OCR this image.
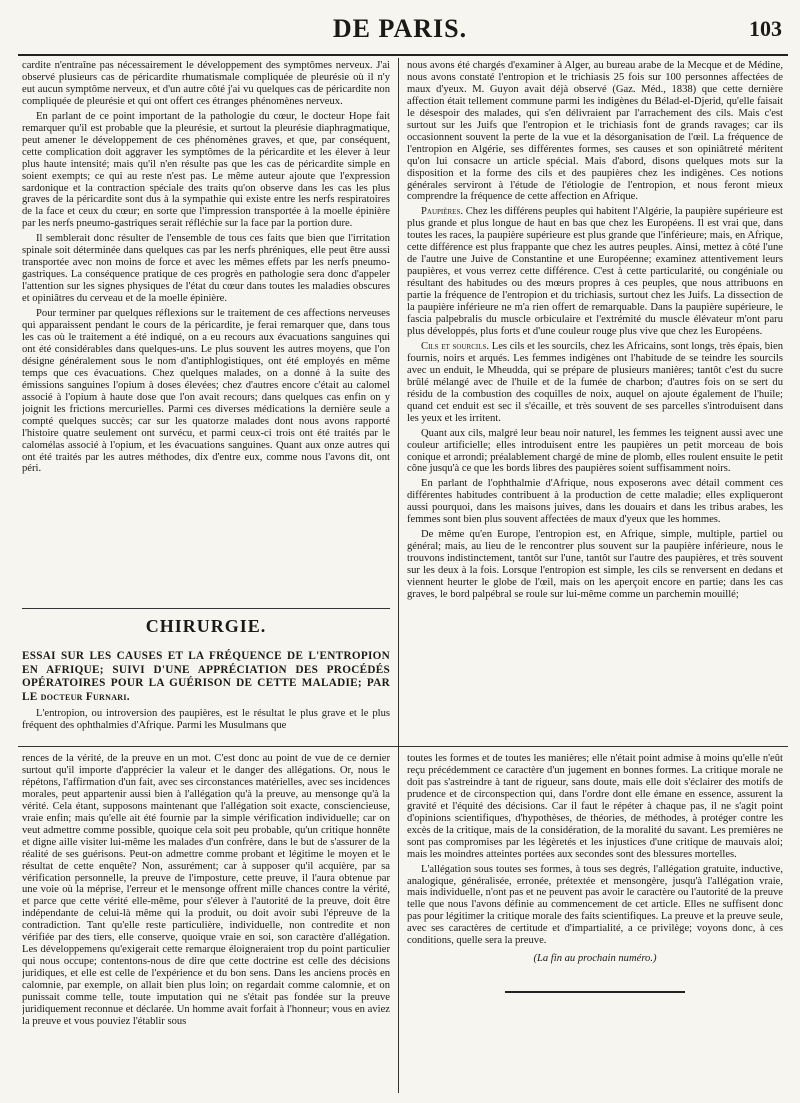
DE PARIS.	103

cardite n'entraîne pas nécessairement le développement des symptômes nerveux. J'ai observé plusieurs cas de péricardite rhumatismale compliquée de pleurésie où il n'y eut aucun symptôme nerveux, et d'un autre côté j'ai vu quelques cas de péricardite non compliquée de pleurésie et qui ont offert ces étranges phénomènes nerveux.

En parlant de ce point important de la pathologie du cœur, le docteur Hope fait remarquer qu'il est probable que la pleurésie, et surtout la pleurésie diaphragmatique, peut amener le développement de ces phénomènes graves, et que, par conséquent, cette complication doit aggraver les symptômes de la péricardite et les élever à leur plus haute intensité; mais qu'il n'en résulte pas que les cas de péricardite simple en soient exempts; ce qui au reste n'est pas. Le même auteur ajoute que l'expression sardonique et la contraction spéciale des traits qu'on observe dans les cas les plus graves de la péricardite sont dus à la sympathie qui existe entre les nerfs respiratoires de la face et ceux du cœur; en sorte que l'impression transportée à la moelle épinière par les nerfs pneumo-gastriques serait réfléchie sur la face par la portion dure.

Il semblerait donc résulter de l'ensemble de tous ces faits que bien que l'irritation spinale soit déterminée dans quelques cas par les nerfs phréniques, elle peut être aussi transportée avec non moins de force et avec les mêmes effets par les nerfs pneumo-gastriques. La conséquence pratique de ces progrès en pathologie sera donc d'appeler l'attention sur les signes physiques de l'état du cœur dans toutes les maladies obscures et opiniâtres du cerveau et de la moelle épinière.

Pour terminer par quelques réflexions sur le traitement de ces affections nerveuses qui apparaissent pendant le cours de la péricardite, je ferai remarquer que, dans tous les cas où le traitement a été indiqué, on a eu recours aux évacuations sanguines qui ont été considérables dans quelques-uns. Le plus souvent les autres moyens, que l'on désigne généralement sous le nom d'antiphlogistiques, ont été employés en même temps que ces évacuations. Chez quelques malades, on a donné à la suite des émissions sanguines l'opium à doses élevées; chez d'autres encore c'était au calomel associé à l'opium à haute dose que l'on avait recours; dans quelques cas enfin on y joignit les frictions mercurielles. Parmi ces diverses médications la dernière seule a compté quelques succès; car sur les quatorze malades dont nous avons rapporté l'histoire quatre seulement ont survécu, et parmi ceux-ci trois ont été traités par le calomélas associé à l'opium, et les évacuations sanguines. Quant aux onze autres qui ont été traités par les autres méthodes, dix d'entre eux, comme nous l'avons dit, ont péri.

CHIRURGIE.
ESSAI SUR LES CAUSES ET LA FRÉQUENCE DE L'ENTROPION EN AFRIQUE; SUIVI D'UNE APPRÉCIATION DES PROCÉDÉS OPÉRATOIRES POUR LA GUÉRISON DE CETTE MALADIE; PAR LE docteur Furnari.

L'entropion, ou introversion des paupières, est le résultat le plus grave et le plus fréquent des ophthalmies d'Afrique. Parmi les Musulmans que

nous avons été chargés d'examiner à Alger, au bureau arabe de la Mecque et de Médine, nous avons constaté l'entropion et le trichiasis 25 fois sur 100 personnes affectées de maux d'yeux. M. Guyon avait déjà observé (Gaz. Méd., 1838) que cette dernière affection était tellement commune parmi les indigènes du Bélad-el-Djerid, qu'elle faisait le désespoir des malades, qui s'en délivraient par l'arrachement des cils. Mais c'est surtout sur les Juifs que l'entropion et le trichiasis font de grands ravages; car ils occasionnent souvent la perte de la vue et la désorganisation de l'œil. La fréquence de l'entropion en Algérie, ses différentes formes, ses causes et son opiniâtreté méritent qu'on lui consacre un article spécial. Mais d'abord, disons quelques mots sur la disposition et la forme des cils et des paupières chez les indigènes. Ces notions générales serviront à l'étude de l'étiologie de l'entropion, et nous feront mieux comprendre la fréquence de cette affection en Afrique.

Paupières. Chez les différens peuples qui habitent l'Algérie, la paupière supérieure est plus grande et plus longue de haut en bas que chez les Européens. Il est vrai que, dans toutes les races, la paupière supérieure est plus grande que l'inférieure; mais, en Afrique, cette différence est plus frappante que chez les autres peuples. Ainsi, mettez à côté l'une de l'autre une Juive de Constantine et une Européenne; examinez attentivement leurs paupières, et vous verrez cette différence. C'est à cette particularité, ou congéniale ou résultant des habitudes ou des mœurs propres à ces peuples, que nous attribuons en partie la fréquence de l'entropion et du trichiasis, surtout chez les Juifs. La dissection de la paupière inférieure ne m'a rien offert de remarquable. Dans la paupière supérieure, le fascia palpebralis du muscle orbiculaire et l'extrémité du muscle élévateur m'ont paru plus développés, plus forts et d'une couleur rouge plus vive que chez les Européens.

Cils et sourcils. Les cils et les sourcils, chez les Africains, sont longs, très épais, bien fournis, noirs et arqués. Les femmes indigènes ont l'habitude de se teindre les sourcils avec un enduit, le Mheudda, qui se prépare de plusieurs manières; tantôt c'est du sucre brûlé mélangé avec de l'huile et de la fumée de charbon; d'autres fois on se sert du résidu de la combustion des coquilles de noix, auquel on ajoute également de l'huile; quand cet enduit est sec il s'écaille, et très souvent de ses parcelles s'introduisent dans les yeux et les irritent.

Quant aux cils, malgré leur beau noir naturel, les femmes les teignent aussi avec une couleur artificielle; elles introduisent entre les paupières un petit morceau de bois conique et arrondi; préalablement chargé de mine de plomb, elles roulent ensuite le petit cône jusqu'à ce que les bords libres des paupières soient suffisamment noirs.

En parlant de l'ophthalmie d'Afrique, nous exposerons avec détail comment ces différentes habitudes contribuent à la production de cette maladie; elles expliqueront aussi pourquoi, dans les maisons juives, dans les douairs et dans les tribus arabes, les femmes sont bien plus souvent affectées de maux d'yeux que les hommes.

De même qu'en Europe, l'entropion est, en Afrique, simple, multiple, partiel ou général; mais, au lieu de le rencontrer plus souvent sur la paupière inférieure, nous le trouvons indistinctement, tantôt sur l'une, tantôt sur l'autre des paupières, et très souvent sur les deux à la fois. Lorsque l'entropion est simple, les cils se renversent en dedans et viennent heurter le globe de l'œil, mais on les aperçoit encore en partie; dans les cas graves, le bord palpébral se roule sur lui-même comme un parchemin mouillé;

rences de la vérité, de la preuve en un mot. C'est donc au point de vue de ce dernier surtout qu'il importe d'apprécier la valeur et le danger des allégations. Or, nous le répétons, l'affirmation d'un fait, avec ses circonstances matérielles, avec ses incidences morales, peut appartenir aussi bien à l'allégation qu'à la preuve, au mensonge qu'à la vérité. Cela étant, supposons maintenant que l'allégation soit exacte, consciencieuse, vraie enfin; mais qu'elle ait été fournie par la simple vérification individuelle; car on veut admettre comme possible, quoique cela soit peu probable, qu'un critique honnête et digne aille visiter lui-même les malades d'un confrère, dans le but de s'assurer de la réalité de ses guérisons. Peut-on admettre comme probant et légitime le moyen et le résultat de cette enquête? Non, assurément; car à supposer qu'il acquière, par sa vérification personnelle, la preuve de l'imposture, cette preuve, il l'aura obtenue par une voie où la méprise, l'erreur et le mensonge offrent mille chances contre la vérité, et parce que cette vérité elle-même, pour s'élever à l'autorité de la preuve, doit être indépendante de celui-là même qui la produit, ou doit avoir subi l'épreuve de la contradiction. Tant qu'elle reste particulière, individuelle, non contredite et non vérifiée par des tiers, elle conserve, quoique vraie en soi, son caractère d'allégation. Les développemens qu'exigerait cette remarque éloigneraient trop du point particulier qui nous occupe; contentons-nous de dire que cette doctrine est celle des décisions juridiques, et elle est celle de l'expérience et du bon sens. Dans les anciens procès en calomnie, par exemple, on allait bien plus loin; on regardait comme calomnie, et on punissait comme telle, toute imputation qui ne s'était pas fondée sur la preuve juridiquement reconnue et déclarée. Un homme avait forfait à l'honneur; vous en aviez la preuve et vous pouviez l'établir sous

toutes les formes et de toutes les manières; elle n'était point admise à moins qu'elle n'eût reçu précédemment ce caractère d'un jugement en bonnes formes. La critique morale ne doit pas s'astreindre à tant de rigueur, sans doute, mais elle doit s'éclairer des motifs de prudence et de circonspection qui, dans l'ordre dont elle émane en essence, assurent la gravité et l'équité des décisions. Car il faut le répéter à chaque pas, il ne s'agit point d'opinions scientifiques, d'hypothèses, de théories, de méthodes, à protéger contre les excès de la critique, mais de la considération, de la moralité du savant. Les premières ne sont pas compromises par les légèretés et les injustices d'une critique de mauvais aloi; mais les moindres atteintes portées aux secondes sont des blessures mortelles.

L'allégation sous toutes ses formes, à tous ses degrés, l'allégation gratuite, inductive, analogique, généralisée, erronée, prétextée et mensongère, jusqu'à l'allégation vraie, mais individuelle, n'ont pas et ne peuvent pas avoir le caractère ou l'autorité de la preuve telle que nous l'avons définie au commencement de cet article. Elles ne suffisent donc pas pour légitimer la critique morale des faits scientifiques. La preuve et la preuve seule, avec ses caractères de certitude et d'impartialité, a ce privilège; voyons donc, à ces conditions, quelle sera la preuve.

(La fin au prochain numéro.)
